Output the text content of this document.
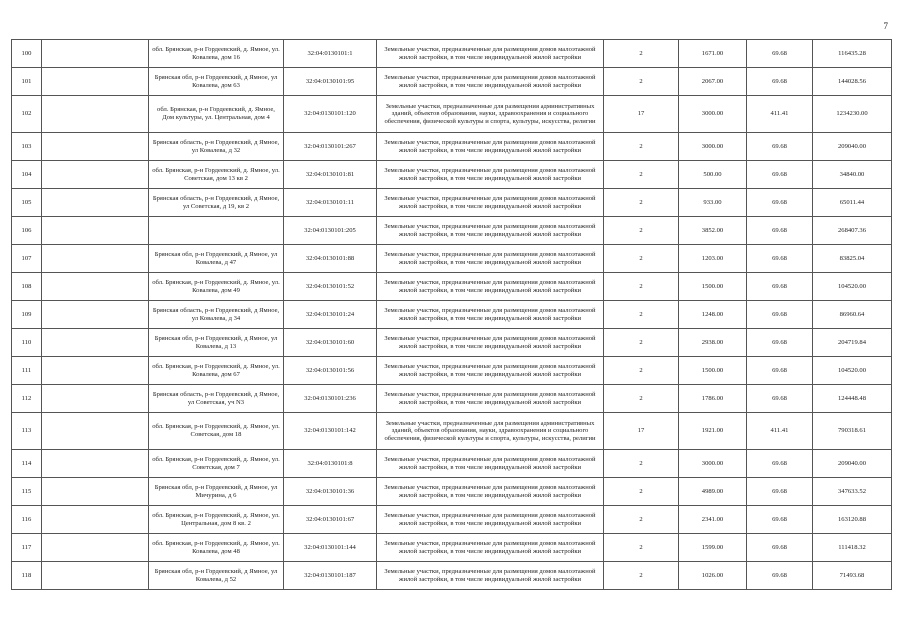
7
100		обл. Брянская, р-н Гордеевский, д. Ямное, ул. Ковалева, дом 16	32:04:0130101:1	Земельные участки, предназначенные для размещения домов малоэтажной жилой застройки, в том числе индивидуальной жилой застройки	2	1671.00	69.68	116435.28
101		Брянская обл, р-н Гордеевский, д Ямное, ул Ковалева, дом 63	32:04:0130101:95	Земельные участки, предназначенные для размещения домов малоэтажной жилой застройки, в том числе индивидуальной жилой застройки	2	2067.00	69.68	144028.56
102		обл. Брянская, р-н Гордеевский, д. Ямное, Дом культуры, ул. Центральная, дом 4	32:04:0130101:120	Земельные участки, предназначенные для размещения административных зданий, объектов образования, науки, здравоохранения и социального обеспечения, физической культуры и спорта, культуры, искусства, религии	17	3000.00	411.41	1234230.00
103		Брянская область, р-н Гордеевский, д Ямное, ул Ковалева, д 32	32:04:0130101:267	Земельные участки, предназначенные для размещения домов малоэтажной жилой застройки, в том числе индивидуальной жилой застройки	2	3000.00	69.68	209040.00
104		обл. Брянская, р-н Гордеевский, д. Ямное, ул. Советская, дом 13 кв 2	32:04:0130101:81	Земельные участки, предназначенные для размещения домов малоэтажной жилой застройки, в том числе индивидуальной жилой застройки	2	500.00	69.68	34840.00
105		Брянская область, р-н Гордеевский, д Ямное, ул Советская, д 19, кв 2	32:04:0130101:11	Земельные участки, предназначенные для размещения домов малоэтажной жилой застройки, в том числе индивидуальной жилой застройки	2	933.00	69.68	65011.44
106			32:04:0130101:205	Земельные участки, предназначенные для размещения домов малоэтажной жилой застройки, в том числе индивидуальной жилой застройки	2	3852.00	69.68	268407.36
107		Брянская обл, р-н Гордеевский, д Ямное, ул Ковалева, д 47	32:04:0130101:88	Земельные участки, предназначенные для размещения домов малоэтажной жилой застройки, в том числе индивидуальной жилой застройки	2	1203.00	69.68	83825.04
108		обл. Брянская, р-н Гордеевский, д. Ямное, ул. Ковалева, дом 49	32:04:0130101:52	Земельные участки, предназначенные для размещения домов малоэтажной жилой застройки, в том числе индивидуальной жилой застройки	2	1500.00	69.68	104520.00
109		Брянская область, р-н Гордеевский, д Ямное, ул Ковалева, д 34	32:04:0130101:24	Земельные участки, предназначенные для размещения домов малоэтажной жилой застройки, в том числе индивидуальной жилой застройки	2	1248.00	69.68	86960.64
110		Брянская обл, р-н Гордеевский, д Ямное, ул Ковалева, д 13	32:04:0130101:60	Земельные участки, предназначенные для размещения домов малоэтажной жилой застройки, в том числе индивидуальной жилой застройки	2	2938.00	69.68	204719.84
111		обл. Брянская, р-н Гордеевский, д. Ямное, ул. Ковалева, дом 67	32:04:0130101:56	Земельные участки, предназначенные для размещения домов малоэтажной жилой застройки, в том числе индивидуальной жилой застройки	2	1500.00	69.68	104520.00
112		Брянская область, р-н Гордеевский, д Ямное, ул Советская, уч N3	32:04:0130101:236	Земельные участки, предназначенные для размещения домов малоэтажной жилой застройки, в том числе индивидуальной жилой застройки	2	1786.00	69.68	124448.48
113		обл. Брянская, р-н Гордеевский, д. Ямное, ул. Советская, дом 18	32:04:0130101:142	Земельные участки, предназначенные для размещения административных зданий, объектов образования, науки, здравоохранения и социального обеспечения, физической культуры и спорта, культуры, искусства, религии	17	1921.00	411.41	790318.61
114		обл. Брянская, р-н Гордеевский, д. Ямное, ул. Советская, дом 7	32:04:0130101:8	Земельные участки, предназначенные для размещения домов малоэтажной жилой застройки, в том числе индивидуальной жилой застройки	2	3000.00	69.68	209040.00
115		Брянская обл, р-н Гордеевский, д Ямное, ул Мичурина, д 6	32:04:0130101:36	Земельные участки, предназначенные для размещения домов малоэтажной жилой застройки, в том числе индивидуальной жилой застройки	2	4989.00	69.68	347633.52
116		обл. Брянская, р-н Гордеевский, д. Ямное, ул. Центральная, дом 8 кв. 2	32:04:0130101:67	Земельные участки, предназначенные для размещения домов малоэтажной жилой застройки, в том числе индивидуальной жилой застройки	2	2341.00	69.68	163120.88
117		обл. Брянская, р-н Гордеевский, д. Ямное, ул. Ковалева, дом 48	32:04:0130101:144	Земельные участки, предназначенные для размещения домов малоэтажной жилой застройки, в том числе индивидуальной жилой застройки	2	1599.00	69.68	111418.32
118		Брянская обл, р-н Гордеевский, д Ямное, ул Ковалева, д 52	32:04:0130101:187	Земельные участки, предназначенные для размещения домов малоэтажной жилой застройки, в том числе индивидуальной жилой застройки	2	1026.00	69.68	71493.68
